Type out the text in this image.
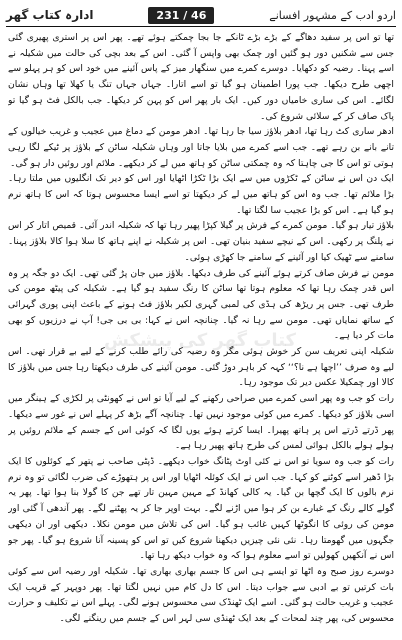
ادارہ کتاب گھر	231 / 46	اردو ادب کے مشہور افسانے

تھا تو اس پر سفید دھاگے کے بڑے بڑے ٹانکے جا بجا چمکتے ہوئے تھے۔ پھر اس پر استری پھیری گئی جس سے شکنیں دور ہو گئیں اور چمک بھی واپس آ گئی۔ اس کے بعد بچی کی حالت میں شکیلہ نے اسے پہنا۔ رضیہ کو دکھایا۔ دوسرے کمرے میں سنگھار میز کے پاس آئینے میں خود اس کو ہر پہلو سے اچھی طرح دیکھا۔ جب پورا اطمینان ہو گیا تو اسے اتارا۔ جہاں جہاں تنگ یا کھلا تھا وہاں نشان لگائے۔ اس کی ساری خامیاں دور کیں۔ ایک بار پھر اس کو پہن کر دیکھا۔ جب بالکل فٹ ہو گیا تو پاک صاف کر کے سلائی شروع کی۔

ادھر ساری کٹ رہا تھا، ادھر بلاؤز سیا جا رہا تھا۔ ادھر مومن کے دماغ میں عجیب و غریب خیالوں کے تانے بانے بن رہے تھے۔ جب اسے کمرے میں بلایا جاتا اور وہاں شکیلہ ساٹن کے بلاؤز پر ٹیکے لگا رہی ہوتی تو اس کا جی چاہتا کہ وہ چمکتی ساٹن کو ہاتھ میں لے کر دیکھے۔ ملائم اور روئیں دار ہو گی۔

ایک دن اس نے ساٹن کے ٹکڑوں میں سے ایک بڑا ٹکڑا اٹھایا اور اس کو دیر تک انگلیوں میں ملتا رہا۔ بڑا ملائم تھا۔ جب وہ اس کو ہاتھ میں لے کر دیکھتا تو اسے ایسا محسوس ہوتا کہ اس کا ہاتھ نرم ہو گیا ہے۔ اس کو بڑا عجیب سا لگتا تھا۔

بلاؤز تیار ہو گیا۔ مومن کمرے کے فرش پر گیلا کپڑا پھیر رہا تھا کہ شکیلہ اندر آئی۔ قمیص اتار کر اس نے پلنگ پر رکھی۔ اس کے نیچے سفید بنیان تھی۔ اس پر شکیلہ نے اپنے ہاتھ کا سلا ہوا کالا بلاؤز پہنا۔ سامنے سے ٹھیک کیا اور آئینے کے سامنے جا کھڑی ہوئی۔

مومن نے فرش صاف کرتے ہوئے آئینے کی طرف دیکھا۔ بلاؤز میں جان پڑ گئی تھی۔ ایک دو جگہ پر وہ اس قدر چمک رہا تھا کہ معلوم ہوتا تھا ساٹن کا رنگ سفید ہو گیا ہے۔ شکیلہ کی پیٹھ مومن کی طرف تھی۔ جس پر ریڑھ کی ہڈی کی لمبی گہری لکیر بلاؤز فٹ ہونے کے باعث اپنی پوری گہرائی کے ساتھ نمایاں تھی۔ مومن سے رہا نہ گیا۔ چنانچہ اس نے کہا: بی بی جی! آپ نے درزیوں کو بھی مات کر دیا ہے۔

شکیلہ اپنی تعریف سن کر خوش ہوئی مگر وہ رضیہ کی رائے طلب کرنے کے لیے بے قرار تھی۔ اس لیے وہ صرف ’’اچھا ہے نا؟‘‘ کہہ کر باہر دوڑ گئی۔ مومن آئینے کی طرف دیکھتا رہا جس میں بلاؤز کا کالا اور چمکیلا عکس دیر تک موجود رہا۔

رات کو جب وہ پھر اسی کمرے میں صراحی رکھنے کے لیے آیا تو اس نے کھونٹی پر لکڑی کے ہینگر میں اسی بلاؤز کو دیکھا۔ کمرے میں کوئی موجود نہیں تھا۔ چنانچہ آگے بڑھ کر پہلے اس نے غور سے دیکھا۔ پھر ڈرتے ڈرتے اس پر ہاتھ پھیرا۔ ایسا کرتے ہوئے یوں لگا کہ کوئی اس کے جسم کے ملائم روئیں پر ہولے ہولے بالکل ہوائی لمس کی طرح ہاتھ پھیر رہا ہے۔

رات کو جب وہ سویا تو اس نے کئی اوٹ پٹانگ خواب دیکھے۔ ڈپٹی صاحب نے پتھر کے کوئلوں کا ایک بڑا ڈھیر اسے کوٹنے کو کہا۔ جب اس نے ایک کوئلہ اٹھایا اور اس پر ہتھوڑے کی ضرب لگائی تو وہ نرم نرم بالوں کا ایک گچھا بن گیا۔ یہ کالی کھانڈ کے مہین مہین تار تھے جن کا گولا بنا ہوا تھا۔ پھر یہ گولے کالے رنگ کے غبارے بن کر ہوا میں اڑنے لگے۔ بہت اوپر جا کر یہ پھٹنے لگے۔ پھر آندھی آ گئی اور مومن کی روئی کا انگوٹھا کہیں غائب ہو گیا۔ اس کی تلاش میں مومن نکلا۔ دیکھی اور ان دیکھی جگہوں میں گھومتا رہا۔ نئی نئی چیزیں دیکھنا شروع کیں تو اس کو پسینہ آنا شروع ہو گیا۔ پھر جو اس نے آنکھیں کھولیں تو اسے معلوم ہوا کہ وہ خواب دیکھ رہا تھا۔

دوسرے روز صبح وہ اٹھا تو ایسے ہی اس کا جسم بھاری بھاری تھا۔ شکیلہ اور رضیہ اس سے کوئی بات کرتیں تو بے ادبی سے جواب دیتا۔ اس کا دل کام میں نہیں لگتا تھا۔ پھر دوپہر کے قریب ایک عجیب و غریب حالت ہو گئی۔ اسے ایک ٹھنڈک سی محسوس ہونے لگی۔ پہلے اس نے تکلیف و حرارت محسوس کی، پھر چند لمحات کے بعد ایک ٹھنڈی سی لہر اس کے جسم میں رینگنے لگی۔

کتاب گھر کی پیشکش
